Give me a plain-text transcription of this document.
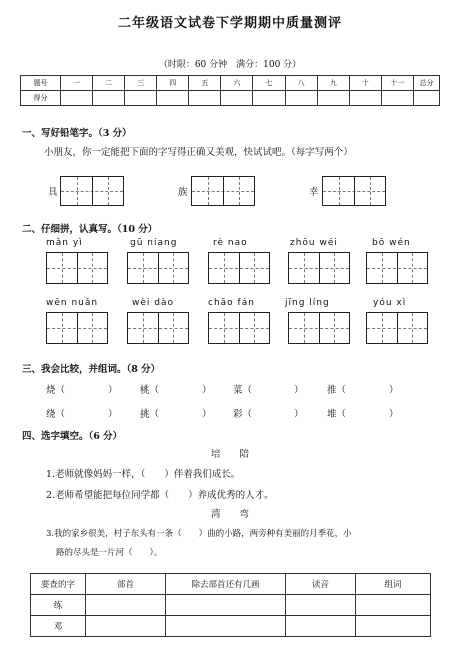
二年级语文试卷下学期期中质量测评
（时限：60 分钟　满分：100 分）
题号	一	二	三	四	五	六	七	八	九	十	十一	总分
得分												
一、写好铅笔字。（3 分）
小朋友，你一定能把下面的字写得正确又美观，快试试吧。（每字写两个）
具	族	幸
二、仔细拼，认真写。（10 分）
mǎn yì	gū niang	rè nao	zhōu wéi	bō wén
wēn nuǎn	wèi dào	chāo fán	jīng líng	yóu xì
三、我会比较，并组词。（8 分）
烧（	） 桃（	） 菜（	） 推（	）
绕（	） 挑（	） 彩（	） 堆（	）
四、选字填空。（6 分）
培　　陪
1.老师就像妈妈一样，（　　）伴着我们成长。
2.老师希望能把每位同学都（　　）养成优秀的人才。
湾　　弯
3.我的家乡很美，村子东头有一条（　　）曲的小路，两旁种有美丽的月季花，小
路的尽头是一片河（　　）。
要查的字	部首	除去部首还有几画	读音	组词
练				
邓				
